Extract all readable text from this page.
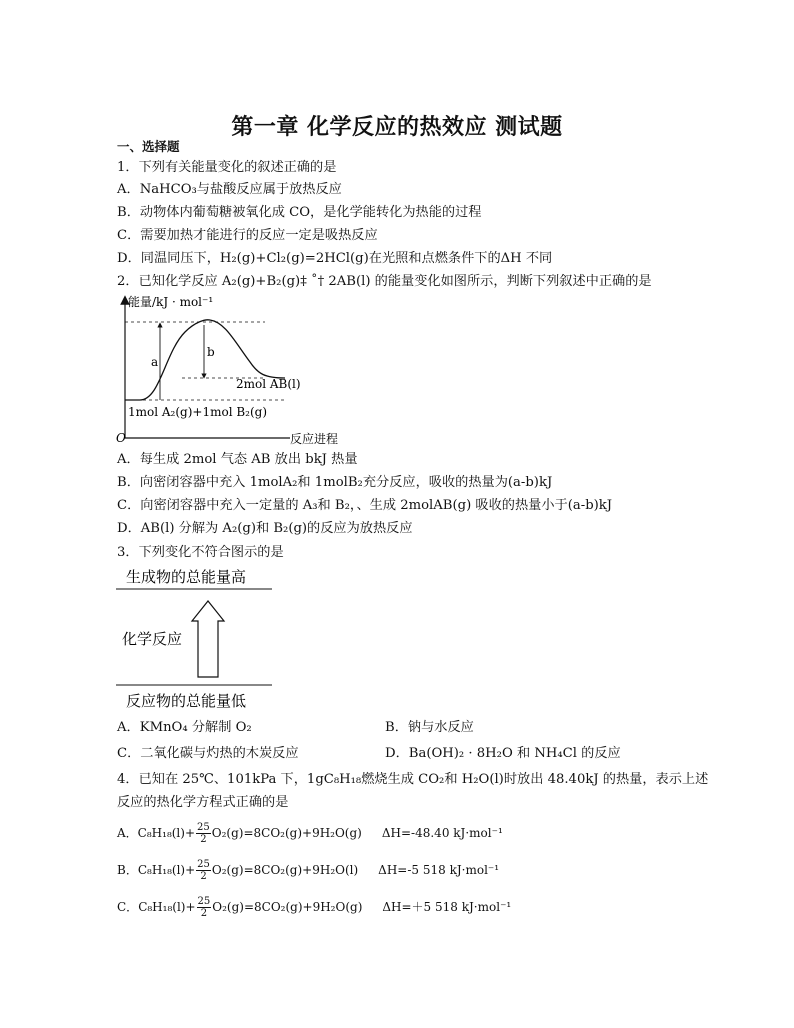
第一章 化学反应的热效应 测试题
一、选择题
1．下列有关能量变化的叙述正确的是
A．NaHCO₃与盐酸反应属于放热反应
B．动物体内葡萄糖被氧化成 CO，是化学能转化为热能的过程
C．需要加热才能进行的反应一定是吸热反应
D．同温同压下，H₂(g)+Cl₂(g)=2HCl(g)在光照和点燃条件下的ΔH 不同
2．已知化学反应 A₂(g)+B₂(g)‡ ˚† 2AB(l) 的能量变化如图所示，判断下列叙述中正确的是
能量/kJ · mol⁻¹
反应进程
O
a
b
2mol AB(l)
1mol A₂(g)+1mol B₂(g)
A．每生成 2mol 气态 AB 放出 bkJ 热量
B．向密闭容器中充入 1molA₂和 1molB₂充分反应，吸收的热量为(a-b)kJ
C．向密闭容器中充入一定量的 A₃和 B₂，、生成 2molAB(g) 吸收的热量小于(a-b)kJ
D．AB(l) 分解为 A₂(g)和 B₂(g)的反应为放热反应
3．下列变化不符合图示的是
生成物的总能量高
化学反应
反应物的总能量低
A．KMnO₄ 分解制 O₂	B．钠与水反应
C．二氧化碳与灼热的木炭反应	D．Ba(OH)₂ · 8H₂O 和 NH₄Cl 的反应
4．已知在 25℃、101kPa 下，1gC₈H₁₈燃烧生成 CO₂和 H₂O(l)时放出 48.40kJ 的热量，表示上述
反应的热化学方程式正确的是
A．$C_8H_{18}(l)+ \frac{25}{2} O_2(g)=8CO_2(g)+9H_2O(g)$ ΔH=-48.40 kJ·mol⁻¹
B．$C_8H_{18}(l)+ \frac{25}{2} O_2(g)=8CO_2(g)+9H_2O(l)$ ΔH=-5 518 kJ·mol⁻¹
C．$C_8H_{18}(l)+ \frac{25}{2} O_2(g)=8CO_2(g)+9H_2O(g)$ ΔH=＋5 518 kJ·mol⁻¹
